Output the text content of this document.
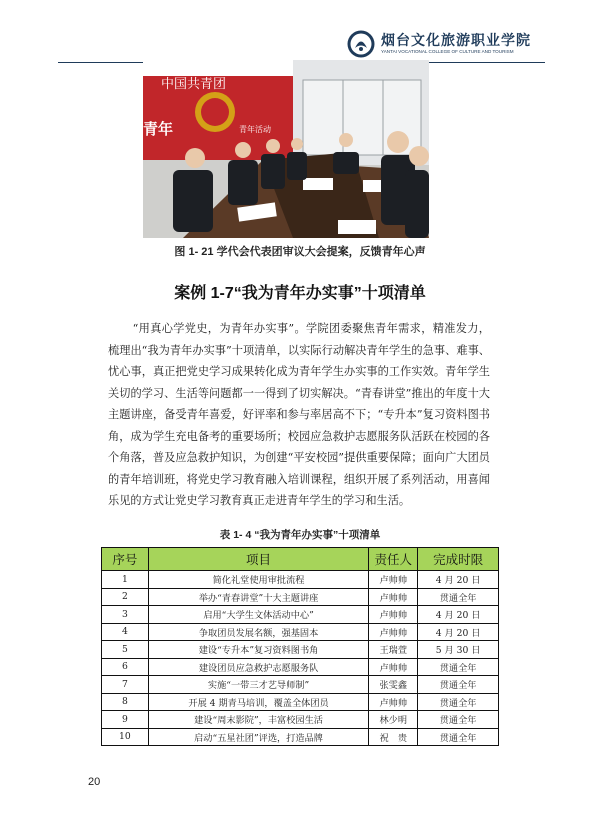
烟台文化旅游职业学院
YANTAI VOCATIONAL COLLEGE OF CULTURE AND TOURISM
中国共青团
青年	青年活动
图 1- 21 学代会代表团审议大会提案，反馈青年心声
案例 1-7“我为青年办实事”十项清单

“用真心学党史，为青年办实事”。学院团委聚焦青年需求，精准发力，梳理出“我为青年办实事”十项清单，以实际行动解决青年学生的急事、难事、忧心事，真正把党史学习成果转化成为青年学生办实事的工作实效。青年学生关切的学习、生活等问题都一一得到了切实解决。“青春讲堂”推出的年度十大主题讲座，备受青年喜爱，好评率和参与率居高不下；“专升本”复习资料图书角，成为学生充电备考的重要场所；校园应急救护志愿服务队活跃在校园的各个角落，普及应急救护知识，为创建“平安校园”提供重要保障；面向广大团员的青年培训班，将党史学习教育融入培训课程，组织开展了系列活动，用喜闻乐见的方式让党史学习教育真正走进青年学生的学习和生活。

表 1- 4 “我为青年办实事”十项清单
序号	项目	责任人	完成时限
1	简化礼堂使用审批流程	卢帅帅	4 月 20 日
2	举办“青春讲堂”十大主题讲座	卢帅帅	贯通全年
3	启用“大学生文体活动中心”	卢帅帅	4 月 20 日
4	争取团员发展名额，强基固本	卢帅帅	4 月 20 日
5	建设“专升本”复习资料图书角	王瑞萱	5 月 30 日
6	建设团员应急救护志愿服务队	卢帅帅	贯通全年
7	实施“一带三才艺导师制”	张雯鑫	贯通全年
8	开展 4 期青马培训，覆盖全体团员	卢帅帅	贯通全年
9	建设“周末影院”，丰富校园生活	林少明	贯通全年
10	启动“五星社团”评选，打造品牌	祝　贵	贯通全年
20
